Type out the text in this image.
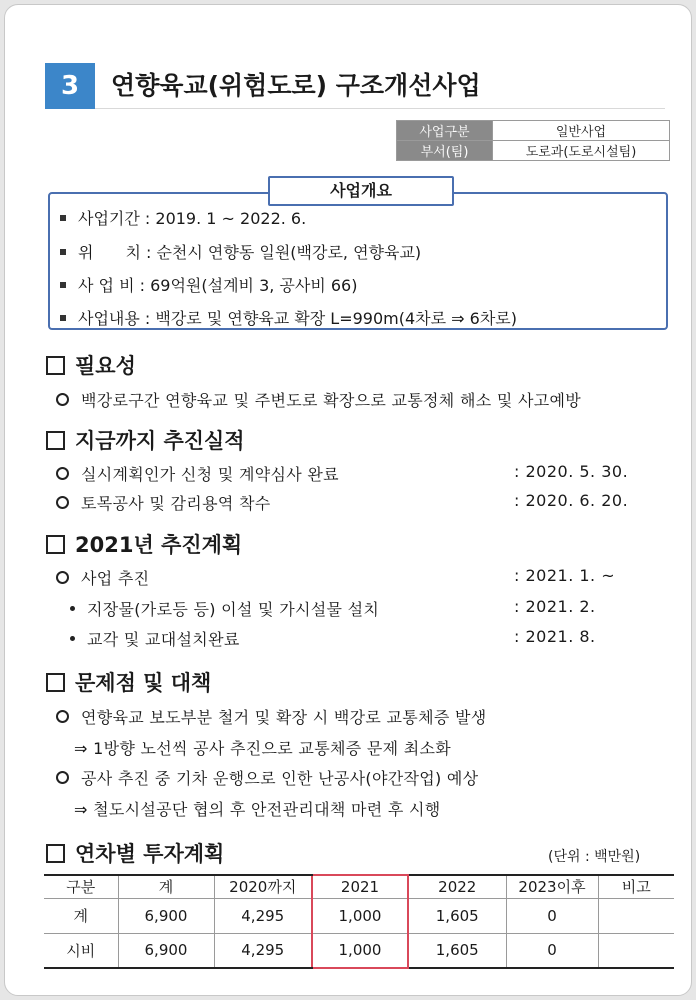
3	연향육교(위험도로) 구조개선사업
사업구분	일반사업
부서(팀)	도로과(도로시설팀)
사업개요
사업기간 : 2019. 1 ~ 2022. 6.
위　　치 : 순천시 연향동 일원(백강로, 연향육교)
사 업 비 : 69억원(설계비 3, 공사비 66)
사업내용 : 백강로 및 연향육교 확장 L=990m(4차로 ⇒ 6차로)
필요성
백강로구간 연향육교 및 주변도로 확장으로 교통정체 해소 및 사고예방
지금까지 추진실적
실시계획인가 신청 및 계약심사 완료	: 2020. 5. 30.
토목공사 및 감리용역 착수	: 2020. 6. 20.
2021년 추진계획
사업 추진	: 2021. 1. ~
지장물(가로등 등) 이설 및 가시설물 설치	: 2021. 2.
교각 및 교대설치완료	: 2021. 8.
문제점 및 대책
연향육교 보도부분 철거 및 확장 시 백강로 교통체증 발생
⇒ 1방향 노선씩 공사 추진으로 교통체증 문제 최소화
공사 추진 중 기차 운행으로 인한 난공사(야간작업) 예상
⇒ 철도시설공단 협의 후 안전관리대책 마련 후 시행
연차별 투자계획	(단위 : 백만원)
구분	계	2020까지	2021	2022	2023이후	비고
계	6,900	4,295	1,000	1,605	0	
시비	6,900	4,295	1,000	1,605	0	
